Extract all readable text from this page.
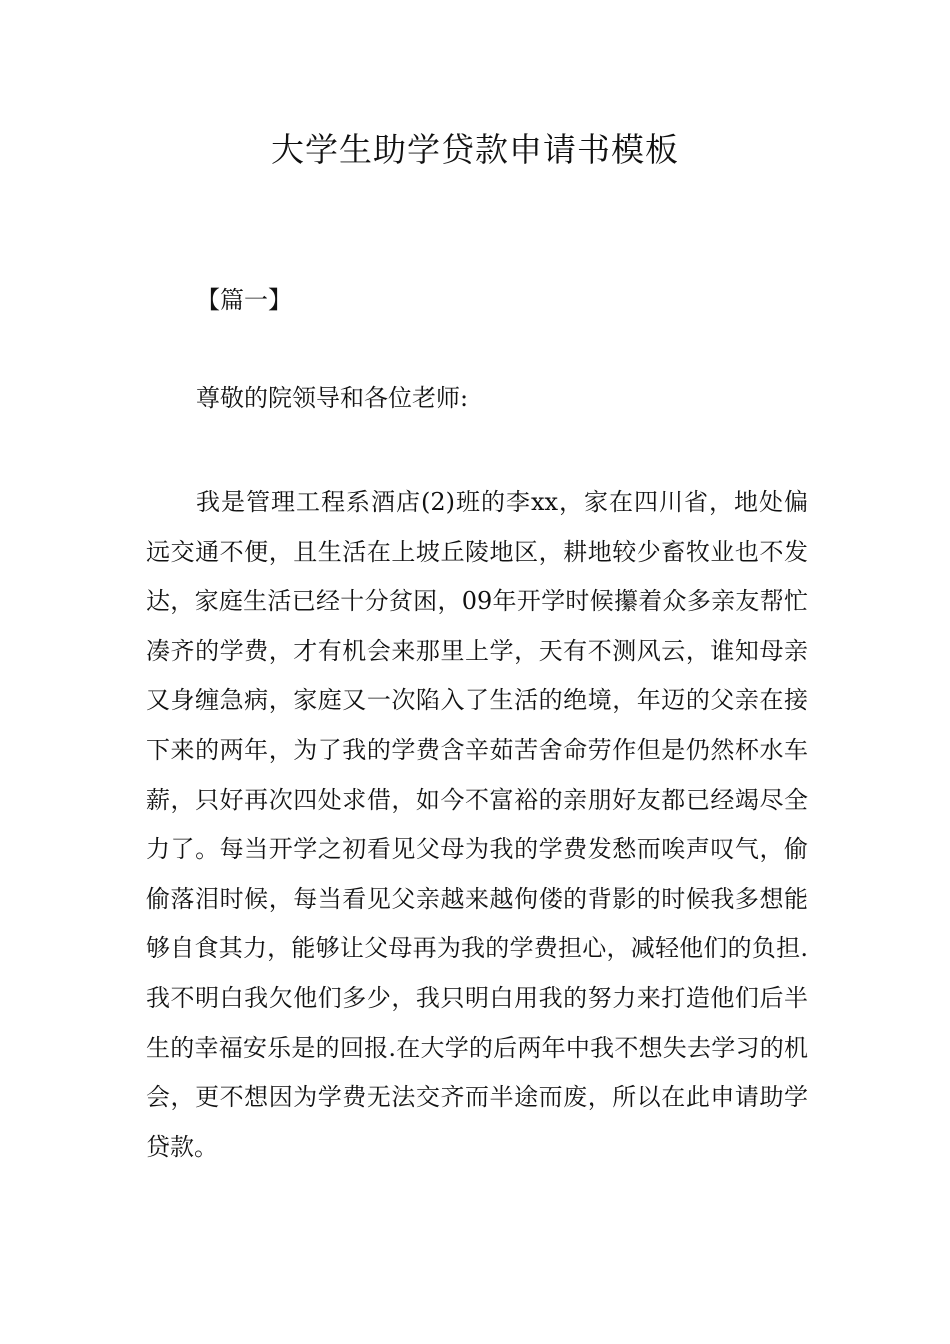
大学生助学贷款申请书模板

【篇一】

尊敬的院领导和各位老师:

我是管理工程系酒店(2)班的李xx，家在四川省，地处偏远交通不便，且生活在上坡丘陵地区，耕地较少畜牧业也不发达，家庭生活已经十分贫困，09年开学时候攥着众多亲友帮忙凑齐的学费，才有机会来那里上学，天有不测风云，谁知母亲又身缠急病，家庭又一次陷入了生活的绝境，年迈的父亲在接下来的两年，为了我的学费含辛茹苦舍命劳作但是仍然杯水车薪，只好再次四处求借，如今不富裕的亲朋好友都已经竭尽全力了。每当开学之初看见父母为我的学费发愁而唉声叹气，偷偷落泪时候，每当看见父亲越来越佝偻的背影的时候我多想能够自食其力，能够让父母再为我的学费担心，减轻他们的负担.我不明白我欠他们多少，我只明白用我的努力来打造他们后半生的幸福安乐是的回报.在大学的后两年中我不想失去学习的机会，更不想因为学费无法交齐而半途而废，所以在此申请助学贷款。
